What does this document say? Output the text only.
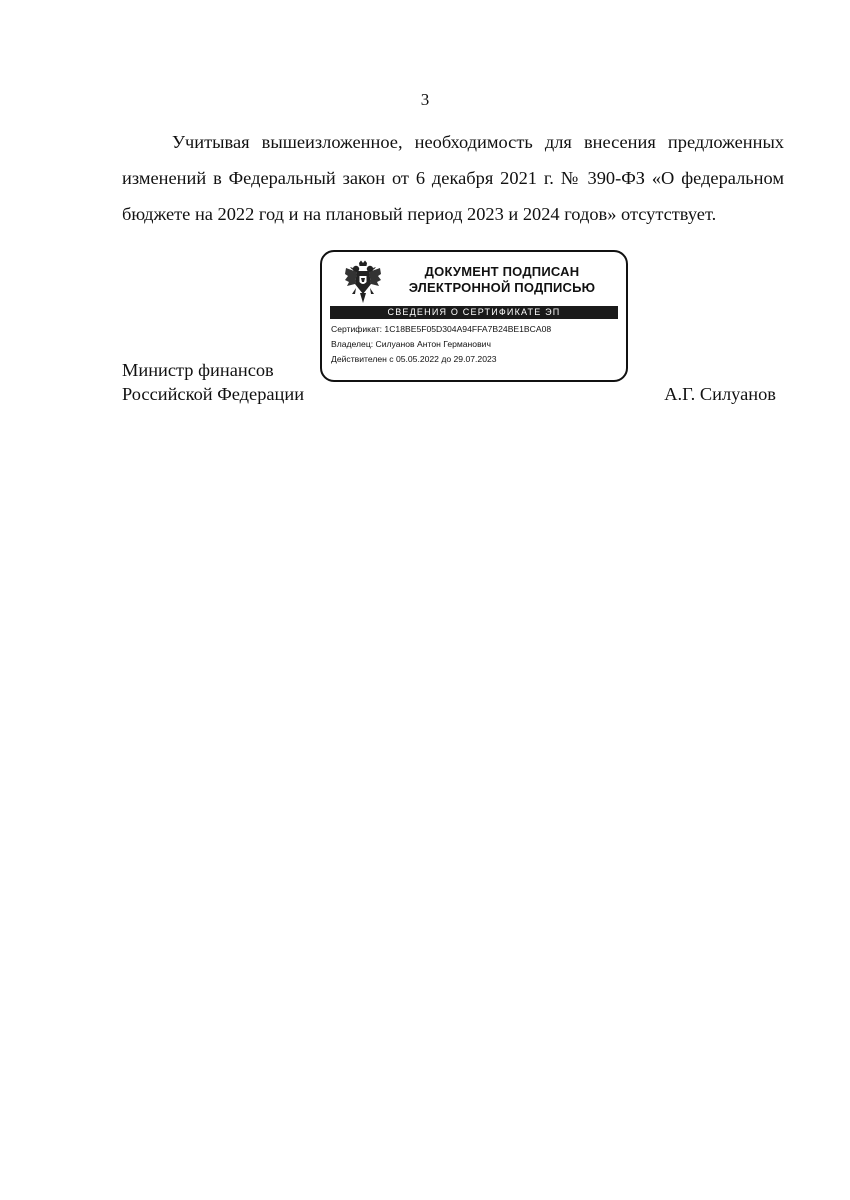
3

Учитывая вышеизложенное, необходимость для внесения предложенных изменений в Федеральный закон от 6 декабря 2021 г. № 390-ФЗ «О федеральном бюджете на 2022 год и на плановый период 2023 и 2024 годов» отсутствует.

ДОКУМЕНТ ПОДПИСАН
ЭЛЕКТРОННОЙ ПОДПИСЬЮ
СВЕДЕНИЯ О СЕРТИФИКАТЕ ЭП
Сертификат: 1C18BE5F05D304A94FFA7B24BE1BCA08
Владелец: Силуанов Антон Германович
Действителен с 05.05.2022 до 29.07.2023
Министр финансов
Российской Федерации	А.Г. Силуанов
